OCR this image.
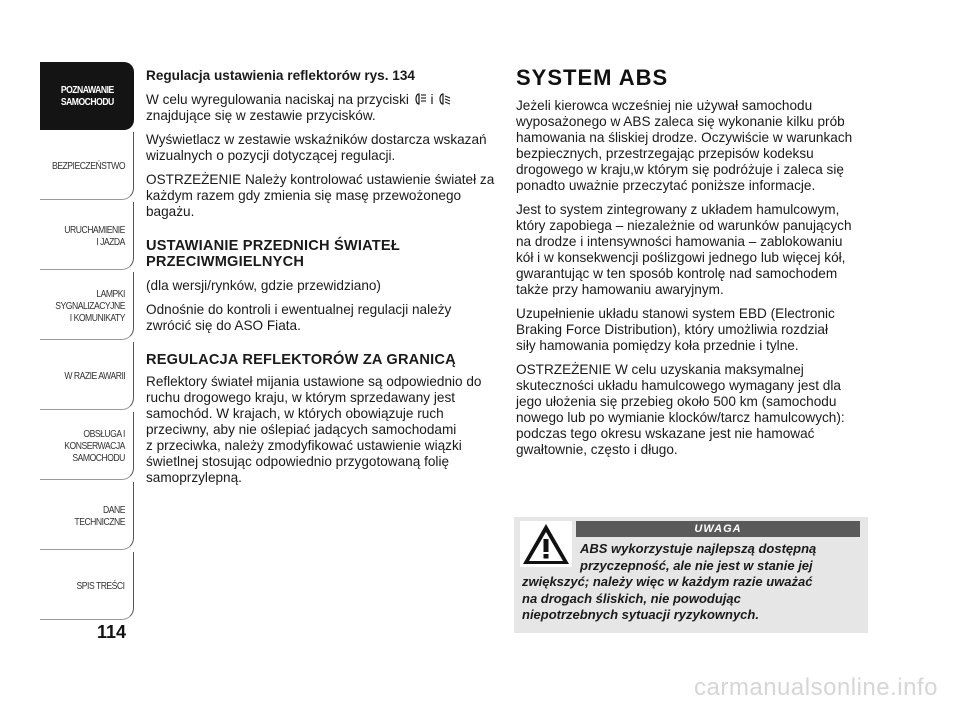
POZNAWANIE
SAMOCHODU
BEZPIECZEŃSTWO
URUCHAMIENIE
I JAZDA
LAMPKI
SYGNALIZACYJNE
I KOMUNIKATY
W RAZIE AWARII
OBSŁUGA I
KONSERWACJA
SAMOCHODU
DANE TECHNICZNE
SPIS TREŚCI
114

Regulacja ustawienia reflektorów rys. 134

W celu wyregulowania naciskaj na przyciski  i
znajdujące się w zestawie przycisków.

Wyświetlacz w zestawie wskaźników dostarcza wskazań
wizualnych o pozycji dotyczącej regulacji.

OSTRZEŻENIE Należy kontrolować ustawienie świateł za
każdym razem gdy zmienia się masę przewożonego
bagażu.

USTAWIANIE PRZEDNICH ŚWIATEŁ
PRZECIWMGIELNYCH

(dla wersji/rynków, gdzie przewidziano)

Odnośnie do kontroli i ewentualnej regulacji należy
zwrócić się do ASO Fiata.

REGULACJA REFLEKTORÓW ZA GRANICĄ

Reflektory świateł mijania ustawione są odpowiednio do
ruchu drogowego kraju, w którym sprzedawany jest
samochód. W krajach, w których obowiązuje ruch
przeciwny, aby nie oślepiać jadących samochodami
z przeciwka, należy zmodyfikować ustawienie wiązki
świetlnej stosując odpowiednio przygotowaną folię
samoprzylepną.

SYSTEM ABS

Jeżeli kierowca wcześniej nie używał samochodu
wyposażonego w ABS zaleca się wykonanie kilku prób
hamowania na śliskiej drodze. Oczywiście w warunkach
bezpiecznych, przestrzegając przepisów kodeksu
drogowego w kraju,w którym się podróżuje i zaleca się
ponadto uważnie przeczytać poniższe informacje.

Jest to system zintegrowany z układem hamulcowym,
który zapobiega – niezależnie od warunków panujących
na drodze i intensywności hamowania – zablokowaniu
kół i w konsekwencji poślizgowi jednego lub więcej kół,
gwarantując w ten sposób kontrolę nad samochodem
także przy hamowaniu awaryjnym.

Uzupełnienie układu stanowi system EBD (Electronic
Braking Force Distribution), który umożliwia rozdział
siły hamowania pomiędzy koła przednie i tylne.

OSTRZEŻENIE W celu uzyskania maksymalnej
skuteczności układu hamulcowego wymagany jest dla
jego ułożenia się przebieg około 500 km (samochodu
nowego lub po wymianie klocków/tarcz hamulcowych):
podczas tego okresu wskazane jest nie hamować
gwałtownie, często i długo.

UWAGA
ABS wykorzystuje najlepszą dostępną
przyczepność, ale nie jest w stanie jej
zwiększyć; należy więc w każdym razie uważać
na drogach śliskich, nie powodując
niepotrzebnych sytuacji ryzykownych.
carmanualsonline.info
